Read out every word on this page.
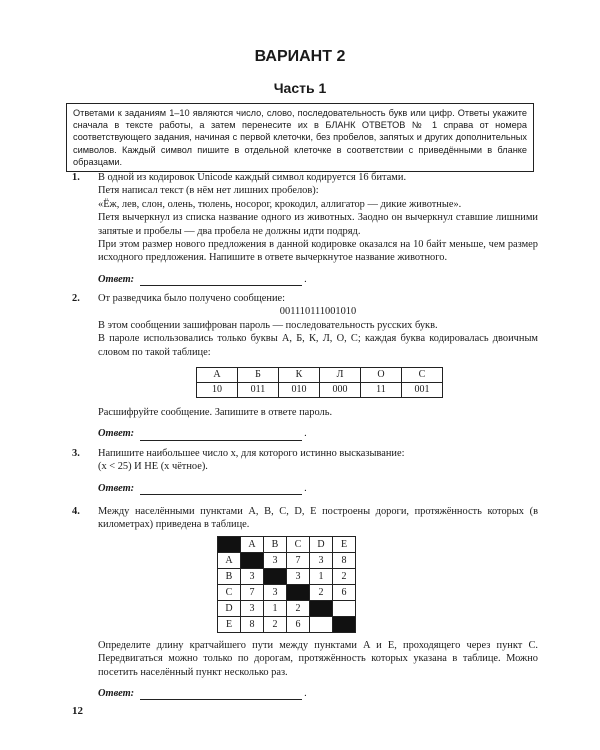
ВАРИАНТ 2
Часть 1
Ответами к заданиям 1–10 являются число, слово, последовательность букв или цифр. Ответы укажите сначала в тексте работы, а затем перенесите их в БЛАНК ОТВЕТОВ № 1 справа от номера соответствующего задания, начиная с первой клеточки, без пробелов, запятых и других дополнительных символов. Каждый символ пишите в отдельной клеточке в соответствии с приведёнными в бланке образцами.
1. В одной из кодировок Unicode каждый символ кодируется 16 битами.

Петя написал текст (в нём нет лишних пробелов):

«Ёж, лев, слон, олень, тюлень, носорог, крокодил, аллигатор — дикие животные».

Петя вычеркнул из списка название одного из животных. Заодно он вычеркнул ставшие лишними запятые и пробелы — два пробела не должны идти подряд.

При этом размер нового предложения в данной кодировке оказался на 10 байт меньше, чем размер исходного предложения. Напишите в ответе вычеркнутое название животного.

Ответ:	.
2. От разведчика было получено сообщение:

001110111001010

В этом сообщении зашифрован пароль — последовательность русских букв.

В пароле использовались только буквы А, Б, К, Л, О, С; каждая буква кодировалась двоичным словом по такой таблице:

А	Б	К	Л	О	С
10	011	010	000	11	001

Расшифруйте сообщение. Запишите в ответе пароль.

Ответ:	.
3. Напишите наибольшее число x, для которого истинно высказывание:

(x < 25) И НЕ (x чётное).

Ответ:	.
4. Между населёнными пунктами A, B, C, D, E построены дороги, протяжённость которых (в километрах) приведена в таблице.

	A	B	C	D	E
A		3	7	3	8
B	3		3	1	2
C	7	3		2	6
D	3	1	2		
E	8	2	6		

Определите длину кратчайшего пути между пунктами A и E, проходящего через пункт C. Передвигаться можно только по дорогам, протяжённость которых указана в таблице. Можно посетить населённый пункт несколько раз.

Ответ:	.
12
